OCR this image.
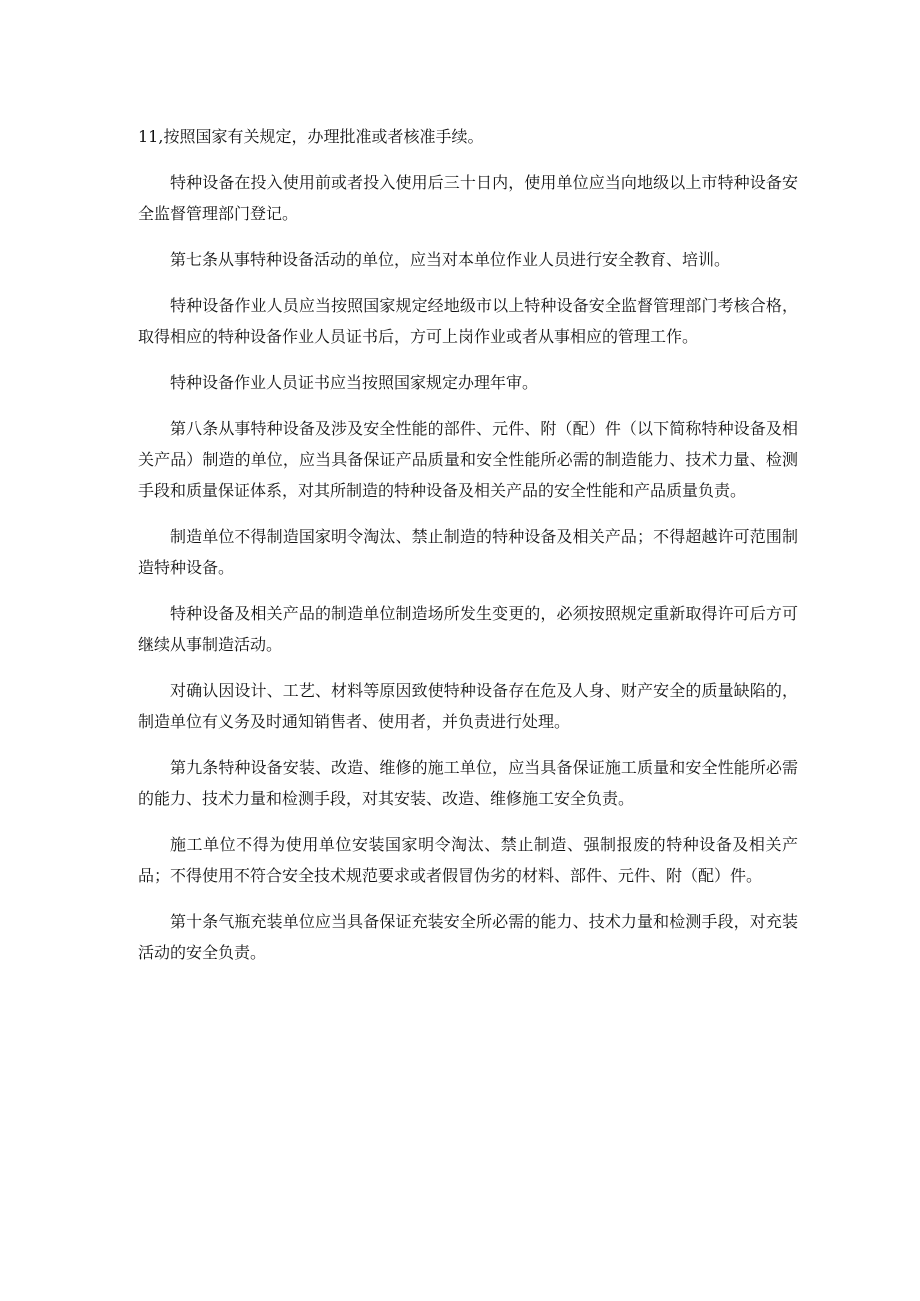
11,按照国家有关规定，办理批准或者核准手续。

特种设备在投入使用前或者投入使用后三十日内，使用单位应当向地级以上市特种设备安全监督管理部门登记。

第七条从事特种设备活动的单位，应当对本单位作业人员进行安全教育、培训。

特种设备作业人员应当按照国家规定经地级市以上特种设备安全监督管理部门考核合格，取得相应的特种设备作业人员证书后，方可上岗作业或者从事相应的管理工作。

特种设备作业人员证书应当按照国家规定办理年审。

第八条从事特种设备及涉及安全性能的部件、元件、附（配）件（以下简称特种设备及相关产品）制造的单位，应当具备保证产品质量和安全性能所必需的制造能力、技术力量、检测手段和质量保证体系，对其所制造的特种设备及相关产品的安全性能和产品质量负责。

制造单位不得制造国家明令淘汰、禁止制造的特种设备及相关产品；不得超越许可范围制造特种设备。

特种设备及相关产品的制造单位制造场所发生变更的，必须按照规定重新取得许可后方可继续从事制造活动。

对确认因设计、工艺、材料等原因致使特种设备存在危及人身、财产安全的质量缺陷的，制造单位有义务及时通知销售者、使用者，并负责进行处理。

第九条特种设备安装、改造、维修的施工单位，应当具备保证施工质量和安全性能所必需的能力、技术力量和检测手段，对其安装、改造、维修施工安全负责。

施工单位不得为使用单位安装国家明令淘汰、禁止制造、强制报废的特种设备及相关产品；不得使用不符合安全技术规范要求或者假冒伪劣的材料、部件、元件、附（配）件。

第十条气瓶充装单位应当具备保证充装安全所必需的能力、技术力量和检测手段，对充装活动的安全负责。
